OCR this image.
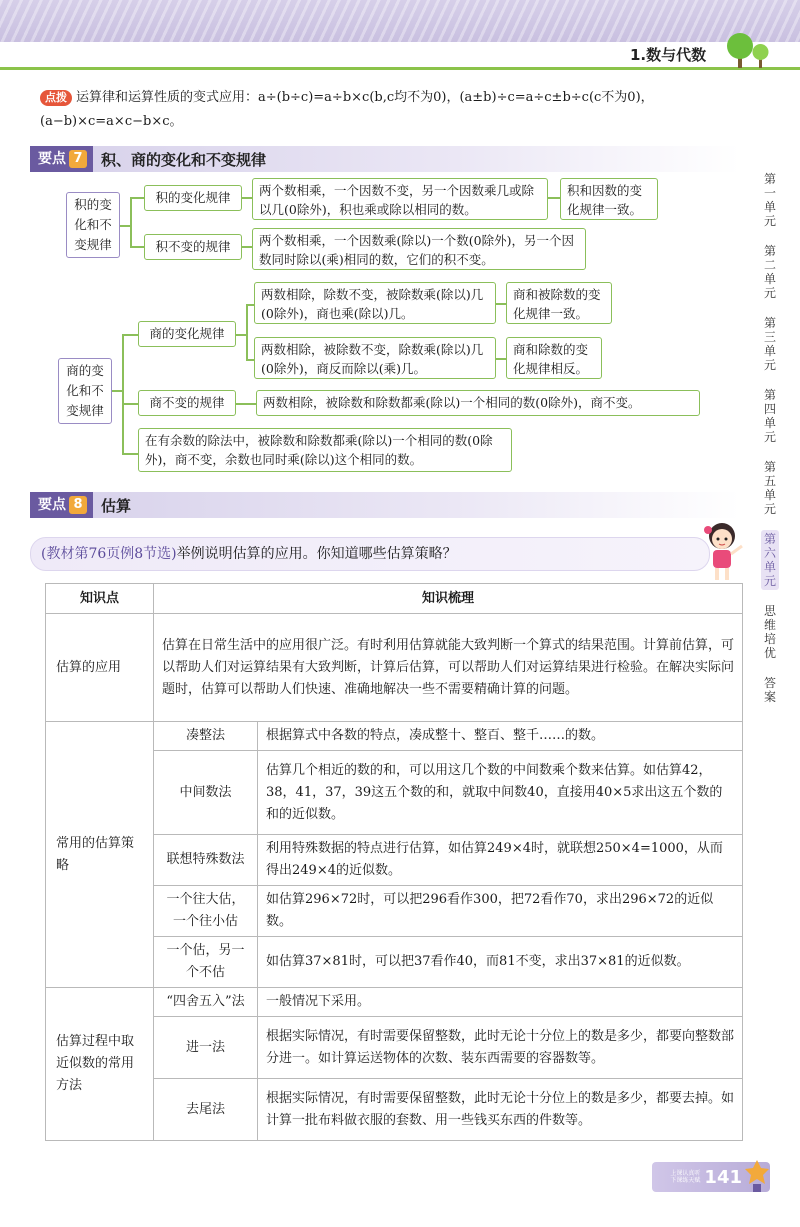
1.数与代数
第一单元
第二单元
第三单元
第四单元
第五单元
第六单元
思维培优
答案
点拨 运算律和运算性质的变式应用：a÷(b÷c)=a÷b×c(b,c均不为0)，(a±b)÷c=a÷c±b÷c(c不为0)，(a−b)×c=a×c−b×c。
要点 7 积、商的变化和不变规律
积的变化和不变规律
积的变化规律	两个数相乘，一个因数不变，另一个因数乘几或除以几(0除外)，积也乘或除以相同的数。
积和因数的变化规律一致。
积不变的规律	两个数相乘，一个因数乘(除以)一个数(0除外)，另一个因数同时除以(乘)相同的数，它们的积不变。
商的变化和不变规律
商的变化规律
两数相除，除数不变，被除数乘(除以)几(0除外)，商也乘(除以)几。
商和被除数的变化规律一致。
两数相除，被除数不变，除数乘(除以)几(0除外)，商反而除以(乘)几。
商和除数的变化规律相反。
商不变的规律	两数相除，被除数和除数都乘(除以)一个相同的数(0除外)，商不变。
在有余数的除法中，被除数和除数都乘(除以)一个相同的数(0除外)，商不变，余数也同时乘(除以)这个相同的数。
要点 8 估算
(教材第76页例8节选)举例说明估算的应用。你知道哪些估算策略？
知识点	知识梳理	
估算的应用	估算在日常生活中的应用很广泛。有时利用估算就能大致判断一个算式的结果范围。计算前估算，可以帮助人们对运算结果有大致判断，计算后估算，可以帮助人们对运算结果进行检验。在解决实际问题时，估算可以帮助人们快速、准确地解决一些不需要精确计算的问题。	
常用的估算策略	凑整法	根据算式中各数的特点，凑成整十、整百、整千……的数。
	中间数法	估算几个相近的数的和，可以用这几个数的中间数乘个数来估算。如估算42，38，41，37，39这五个数的和，就取中间数40，直接用40×5求出这五个数的和的近似数。
	联想特殊数法	利用特殊数据的特点进行估算，如估算249×4时，就联想250×4=1000，从而得出249×4的近似数。
	一个往大估，一个往小估	如估算296×72时，可以把296看作300，把72看作70，求出296×72的近似数。
	一个估，另一个不估	如估算37×81时，可以把37看作40，而81不变，求出37×81的近似数。
估算过程中取近似数的常用方法	“四舍五入”法	一般情况下采用。
	进一法	根据实际情况，有时需要保留整数，此时无论十分位上的数是多少，都要向整数部分进一。如计算运送物体的次数、装东西需要的容器数等。
	去尾法	根据实际情况，有时需要保留整数，此时无论十分位上的数是多少，都要去掉。如计算一批布料做衣服的套数、用一些钱买东西的件数等。
上课认真听
下课练天赋 141
